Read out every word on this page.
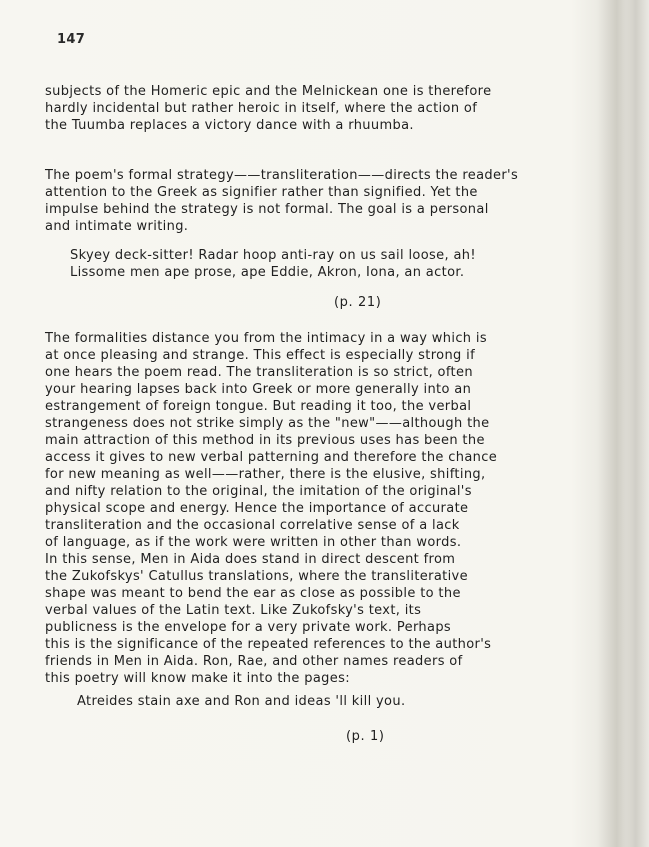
147
subjects of the Homeric epic and the Melnickean one is therefore
hardly incidental but rather heroic in itself, where the action of
the Tuumba replaces a victory dance with a rhuumba.
The poem's formal strategy——transliteration——directs the reader's
attention to the Greek as signifier rather than signified. Yet the
impulse behind the strategy is not formal. The goal is a personal
and intimate writing.
Skyey deck-sitter! Radar hoop anti-ray on us sail loose, ah!
Lissome men ape prose, ape Eddie, Akron, Iona, an actor.
(p. 21)
The formalities distance you from the intimacy in a way which is
at once pleasing and strange. This effect is especially strong if
one hears the poem read. The transliteration is so strict, often
your hearing lapses back into Greek or more generally into an
estrangement of foreign tongue. But reading it too, the verbal
strangeness does not strike simply as the "new"——although the
main attraction of this method in its previous uses has been the
access it gives to new verbal patterning and therefore the chance
for new meaning as well——rather, there is the elusive, shifting,
and nifty relation to the original, the imitation of the original's
physical scope and energy. Hence the importance of accurate
transliteration and the occasional correlative sense of a lack
of language, as if the work were written in other than words.
In this sense, Men in Aida does stand in direct descent from
the Zukofskys' Catullus translations, where the transliterative
shape was meant to bend the ear as close as possible to the
verbal values of the Latin text. Like Zukofsky's text, its
publicness is the envelope for a very private work. Perhaps
this is the significance of the repeated references to the author's
friends in Men in Aida. Ron, Rae, and other names readers of
this poetry will know make it into the pages:
Atreides stain axe and Ron and ideas 'll kill you.
(p. 1)
